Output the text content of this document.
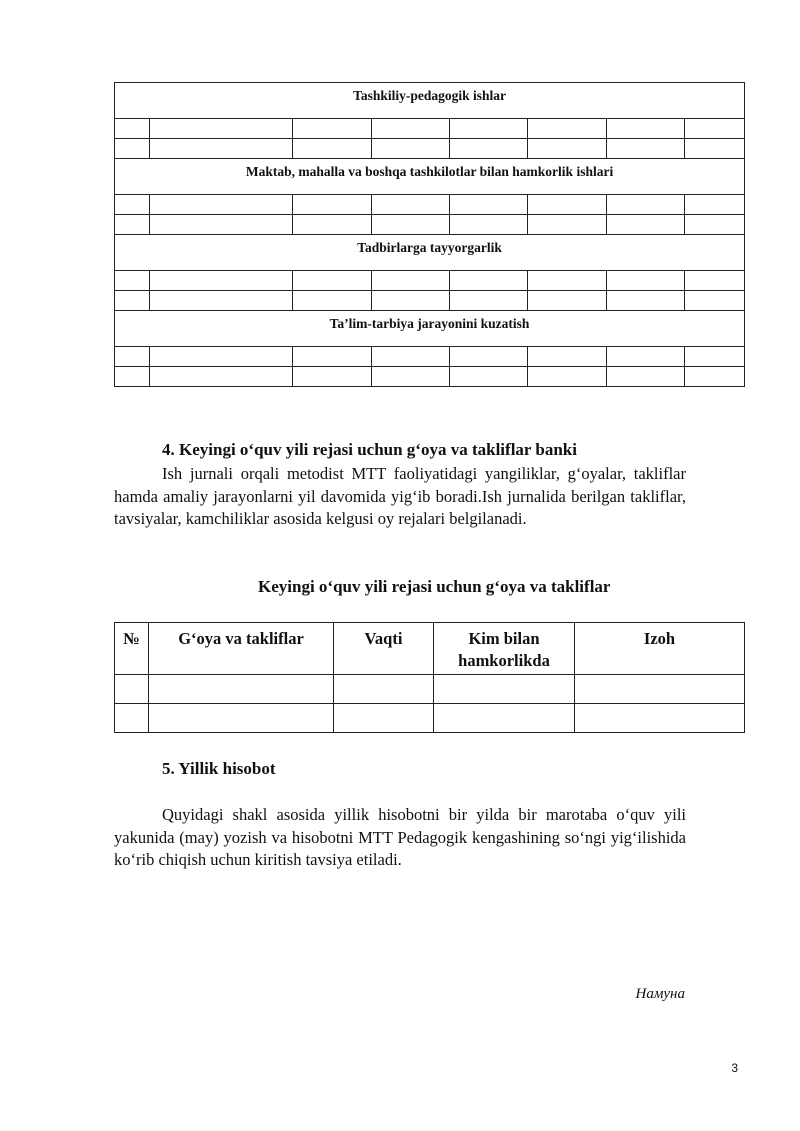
Tashkiliy-pedagogik ishlar							

Maktab, mahalla va boshqa tashkilotlar bilan hamkorlik ishlari							

Tadbirlarga tayyorgarlik							

Ta’lim-tarbiya jarayonini kuzatish							

4. Keyingi o‘quv yili rejasi uchun g‘oya va takliflar banki

Ish jurnali orqali metodist MTT faoliyatidagi yangiliklar, g‘oyalar, takliflar hamda amaliy jarayonlarni yil davomida yig‘ib boradi.Ish jurnalida berilgan takliflar, tavsiyalar, kamchiliklar asosida kelgusi oy rejalari belgilanadi.

Keyingi o‘quv yili rejasi uchun g‘oya va takliflar

№	G‘oya va takliflar	Vaqti	Kim bilan hamkorlikda	Izoh

5. Yillik hisobot

Quyidagi shakl asosida yillik hisobotni bir yilda bir marotaba o‘quv yili yakunida (may) yozish va hisobotni MTT Pedagogik kengashining so‘ngi yig‘ilishida ko‘rib chiqish uchun kiritish tavsiya etiladi.

Намуна

3
